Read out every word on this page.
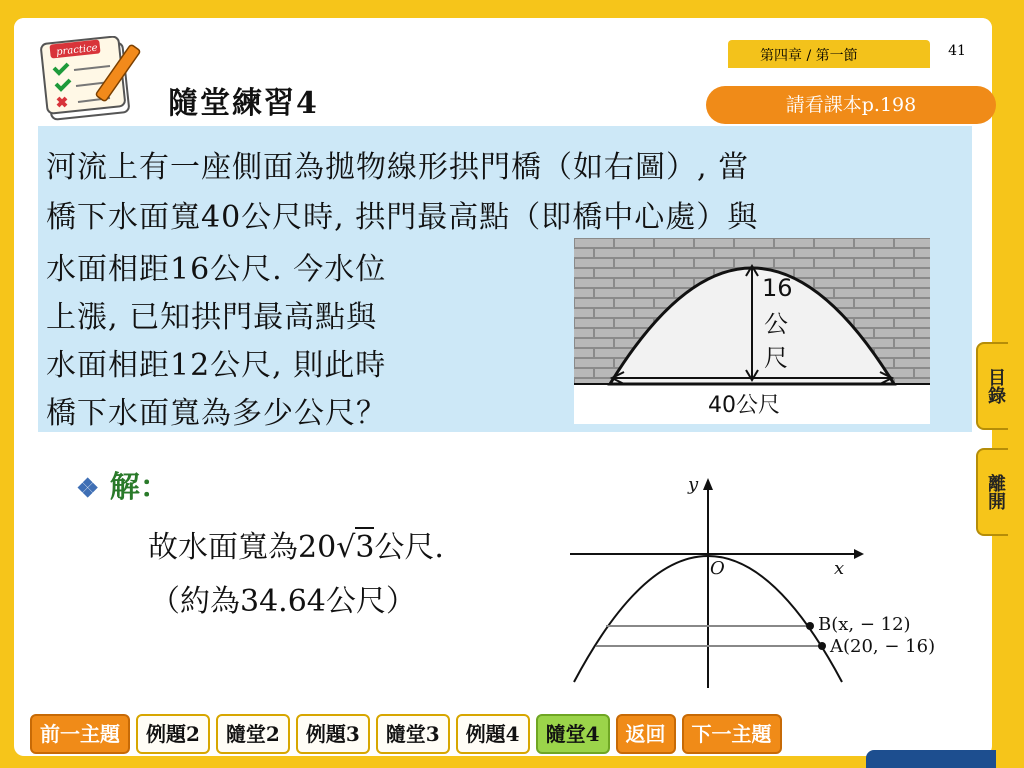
practice	第四章 / 第一節	41
隨堂練習4	請看課本p.198
河流上有一座側面為拋物線形拱門橋（如右圖）, 當
橋下水面寬40公尺時, 拱門最高點（即橋中心處）與
水面相距16公尺. 今水位
上漲, 已知拱門最高點與
水面相距12公尺, 則此時
橋下水面寬為多少公尺？
16
公
尺
40公尺
❖ 解：
故水面寬為20√3公尺.
（約為34.64公尺）
y
x
O
B(x, − 12)
A(20, − 16)
目錄
離開
前一主題	例題2	隨堂2	例題3	隨堂3	例題4	隨堂4	返回	下一主題
